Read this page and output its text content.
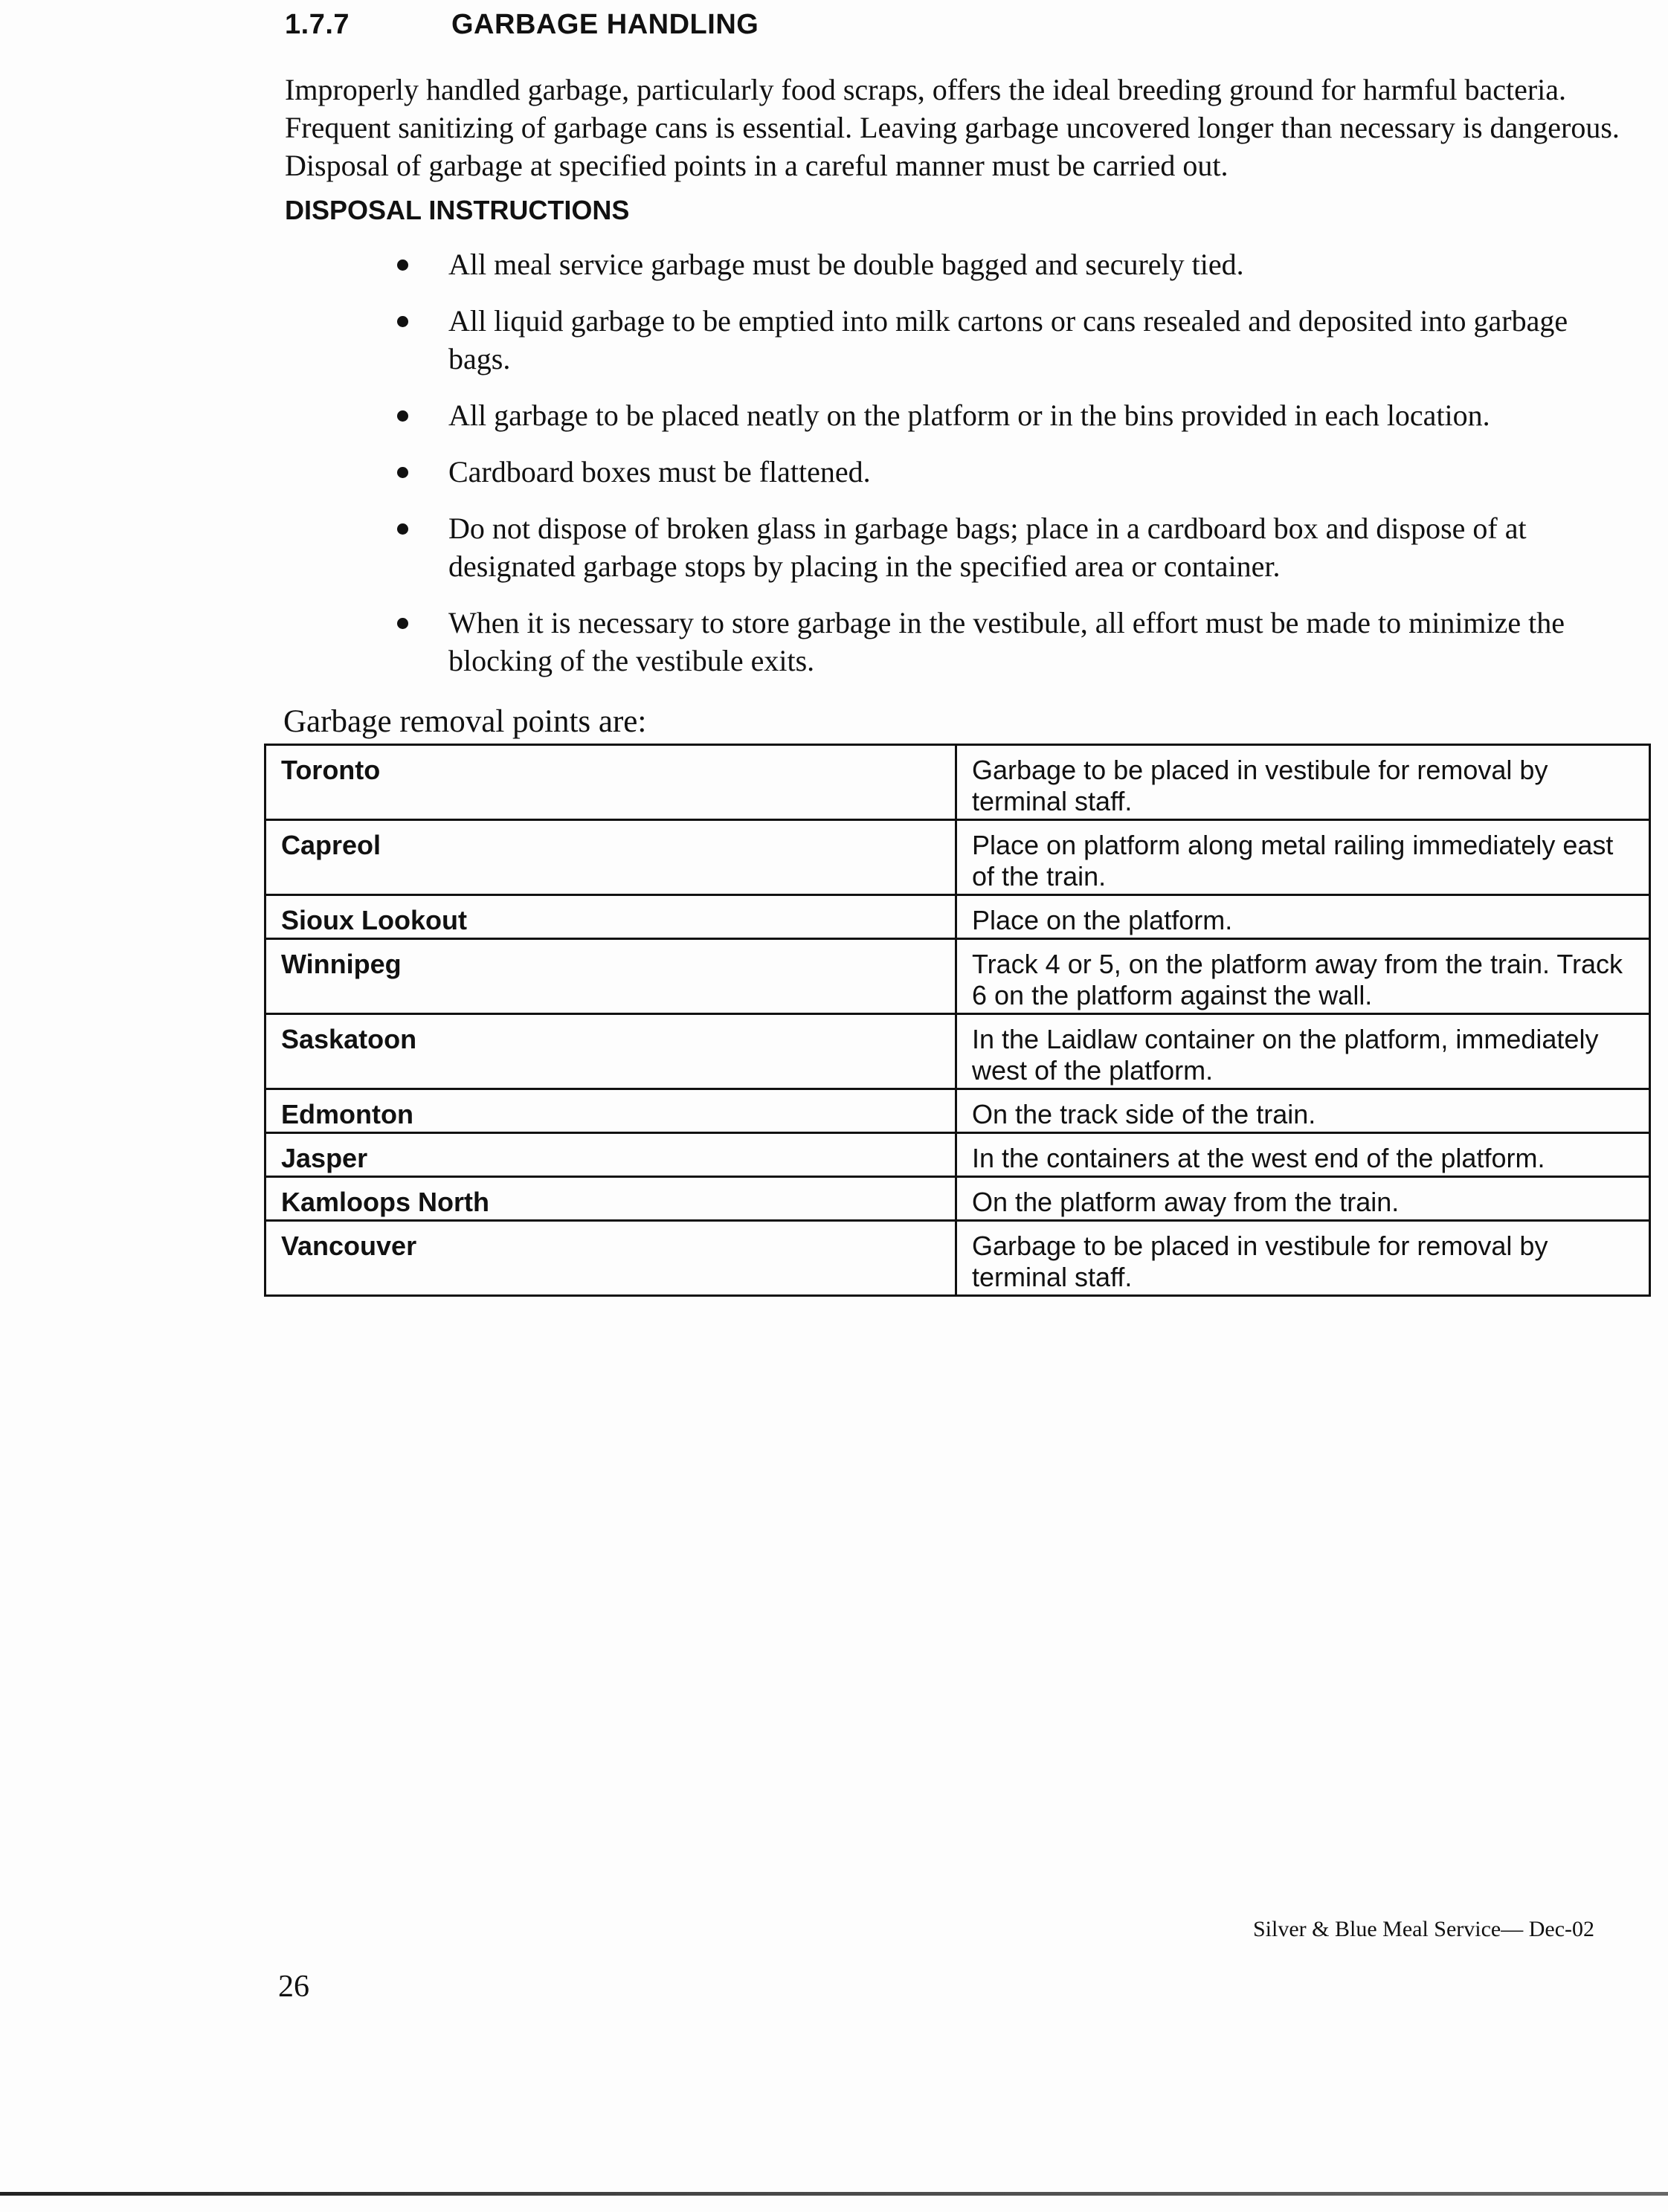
1.7.7	GARBAGE HANDLING
Improperly handled garbage, particularly food scraps, offers the ideal breeding ground for harmful bacteria. Frequent sanitizing of garbage cans is essential. Leaving garbage uncovered longer than necessary is dangerous. Disposal of garbage at specified points in a careful manner must be carried out.
DISPOSAL INSTRUCTIONS
All meal service garbage must be double bagged and securely tied.
All liquid garbage to be emptied into milk cartons or cans resealed and deposited into garbage bags.
All garbage to be placed neatly on the platform or in the bins provided in each location.
Cardboard boxes must be flattened.
Do not dispose of broken glass in garbage bags; place in a cardboard box and dispose of at designated garbage stops by placing in the specified area or container.
When it is necessary to store garbage in the vestibule, all effort must be made to minimize the blocking of the vestibule exits.
Garbage removal points are:
Toronto	Garbage to be placed in vestibule for removal by terminal staff.
Capreol	Place on platform along metal railing immediately east of the train.
Sioux Lookout	Place on the platform.
Winnipeg	Track 4 or 5, on the platform away from the train. Track 6 on the platform against the wall.
Saskatoon	In the Laidlaw container on the platform, immediately west of the platform.
Edmonton	On the track side of the train.
Jasper	In the containers at the west end of the platform.
Kamloops North	On the platform away from the train.
Vancouver	Garbage to be placed in vestibule for removal by terminal staff.
Silver & Blue Meal Service— Dec-02
26
